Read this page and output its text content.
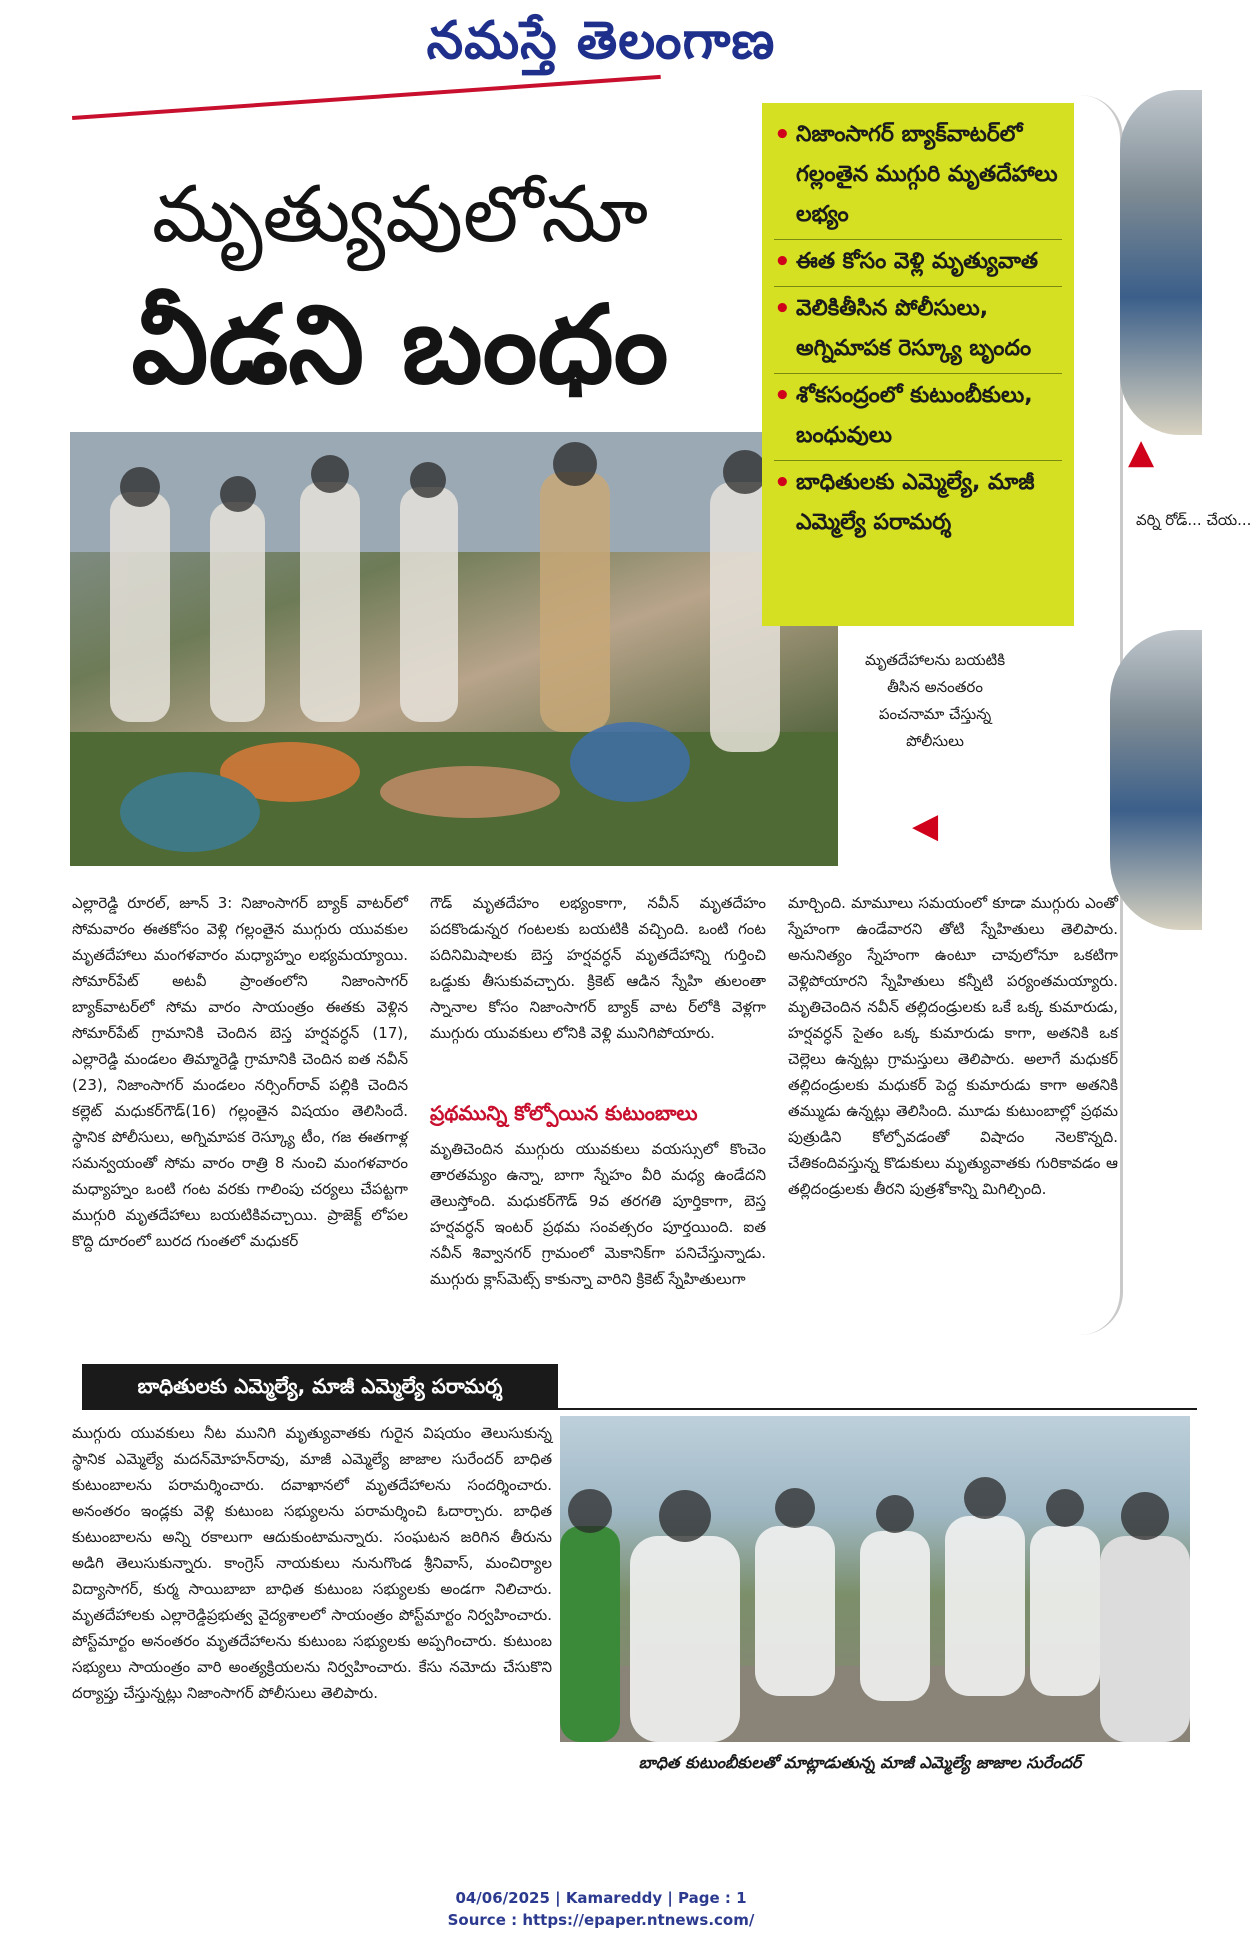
నమస్తే తెలంగాణ
మృత్యువులోనూ
వీడని బంధం
• నిజాంసాగర్ బ్యాక్‌వాటర్‌లో గల్లంతైన ముగ్గురి మృతదేహాలు లభ్యం
• ఈత కోసం వెళ్లి మృత్యువాత
• వెలికితీసిన పోలీసులు, అగ్నిమాపక రెస్క్యూ బృందం
• శోకసంద్రంలో కుటుంబీకులు, బంధువులు
• బాధితులకు ఎమ్మెల్యే, మాజీ ఎమ్మెల్యే పరామర్శ
▲
వర్ని రోడ్... చేయ...
మృతదేహాలను బయటికి తీసిన అనంతరం పంచనామా చేస్తున్న పోలీసులు
◀
ఎల్లారెడ్డి రూరల్, జూన్ 3: నిజాంసాగర్ బ్యాక్ వాటర్‌లో సోమవారం ఈతకోసం వెళ్లి గల్లంతైన ముగ్గురు యువకుల మృతదేహాలు మంగళవారం మధ్యాహ్నం లభ్యమయ్యాయి. సోమార్‌పేట్ అటవీ ప్రాంతంలోని నిజాంసాగర్ బ్యాక్‌వాటర్‌లో సోమ వారం సాయంత్రం ఈతకు వెళ్లిన సోమార్‌పేట్ గ్రామానికి చెందిన బెస్త హర్షవర్ధన్ (17), ఎల్లారెడ్డి మండలం తిమ్మారెడ్డి గ్రామానికి చెందిన ఐత నవీన్ (23), నిజాంసాగర్ మండలం నర్సింగ్‌రావ్ పల్లికి చెందిన కల్లెట్ మధుకర్‌గౌడ్(16) గల్లంతైన విషయం తెలిసిందే. స్థానిక పోలీసులు, అగ్నిమాపక రెస్క్యూ టీం, గజ ఈతగాళ్ల సమన్వయంతో సోమ వారం రాత్రి 8 నుంచి మంగళవారం మధ్యాహ్నం ఒంటి గంట వరకు గాలింపు చర్యలు చేపట్టగా ముగ్గురి మృతదేహాలు బయటికివచ్చాయి. ప్రాజెక్ట్ లోపల కొద్ది దూరంలో బురద గుంతలో మధుకర్
గౌడ్ మృతదేహం లభ్యంకాగా, నవీన్ మృతదేహం పదకొండున్నర గంటలకు బయటికి వచ్చింది. ఒంటి గంట పదినిమిషాలకు బెస్త హర్షవర్ధన్ మృతదేహాన్ని గుర్తించి ఒడ్డుకు తీసుకువచ్చారు. క్రికెట్ ఆడిన స్నేహి తులంతా స్నానాల కోసం నిజాంసాగర్ బ్యాక్ వాట ర్‌లోకి వెళ్లగా ముగ్గురు యువకులు లోనికి వెళ్లి మునిగిపోయారు.
ప్రథమున్ని కోల్పోయిన కుటుంబాలు
మృతిచెందిన ముగ్గురు యువకులు వయస్సులో కొంచెం తారతమ్యం ఉన్నా, బాగా స్నేహం వీరి మధ్య ఉండేదని తెలుస్తోంది. మధుకర్‌గౌడ్ 9వ తరగతి పూర్తికాగా, బెస్త హర్షవర్ధన్ ఇంటర్ ప్రథమ సంవత్సరం పూర్తయింది. ఐత నవీన్ శివ్వానగర్ గ్రామంలో మెకానిక్‌గా పనిచేస్తున్నాడు. ముగ్గురు క్లాస్‌మెట్స్ కాకున్నా వారిని క్రికెట్ స్నేహితులుగా
మార్చింది. మామూలు సమయంలో కూడా ముగ్గురు ఎంతో స్నేహంగా ఉండేవారని తోటి స్నేహితులు తెలిపారు. అనునిత్యం స్నేహంగా ఉంటూ చావులోనూ ఒకటిగా వెళ్లిపోయారని స్నేహితులు కన్నీటి పర్యంతమయ్యారు. మృతిచెందిన నవీన్ తల్లిదండ్రులకు ఒకే ఒక్క కుమారుడు, హర్షవర్ధన్ సైతం ఒక్క కుమారుడు కాగా, అతనికి ఒక చెల్లెలు ఉన్నట్లు గ్రామస్తులు తెలిపారు. అలాగే మధుకర్ తల్లిదండ్రులకు మధుకర్ పెద్ద కుమారుడు కాగా అతనికి తమ్ముడు ఉన్నట్లు తెలిసింది. మూడు కుటుంబాల్లో ప్రథమ పుత్రుడిని కోల్పోవడంతో విషాదం నెలకొన్నది. చేతికందివస్తున్న కొడుకులు మృత్యువాతకు గురికావడం ఆ తల్లిదండ్రులకు తీరని పుత్రశోకాన్ని మిగిల్చింది.
బాధితులకు ఎమ్మెల్యే, మాజీ ఎమ్మెల్యే పరామర్శ
ముగ్గురు యువకులు నీట మునిగి మృత్యువాతకు గురైన విషయం తెలుసుకున్న స్థానిక ఎమ్మెల్యే మదన్‌మోహన్‌రావు, మాజీ ఎమ్మెల్యే జాజాల సురేందర్ బాధిత కుటుంబాలను పరామర్శించారు. దవాఖానలో మృతదేహాలను సందర్శించారు. అనంతరం ఇండ్లకు వెళ్లి కుటుంబ సభ్యులను పరామర్శించి ఓదార్చారు. బాధిత కుటుంబాలను అన్ని రకాలుగా ఆదుకుంటామన్నారు. సంఘటన జరిగిన తీరును అడిగి తెలుసుకున్నారు. కాంగ్రెస్ నాయకులు నునుగొండ శ్రీనివాస్, మంచిర్యాల విద్యాసాగర్, కుర్మ సాయిబాబా బాధిత కుటుంబ సభ్యులకు అండగా నిలిచారు. మృతదేహాలకు ఎల్లారెడ్డిప్రభుత్వ వైద్యశాలలో సాయంత్రం పోస్ట్‌మార్టం నిర్వహించారు. పోస్ట్‌మార్టం అనంతరం మృతదేహాలను కుటుంబ సభ్యులకు అప్పగించారు. కుటుంబ సభ్యులు సాయంత్రం వారి అంత్యక్రియలను నిర్వహించారు. కేసు నమోదు చేసుకొని దర్యాప్తు చేస్తున్నట్లు నిజాంసాగర్ పోలీసులు తెలిపారు.
బాధిత కుటుంబీకులతో మాట్లాడుతున్న మాజీ ఎమ్మెల్యే జాజాల సురేందర్
04/06/2025 | Kamareddy | Page : 1
Source : https://epaper.ntnews.com/
